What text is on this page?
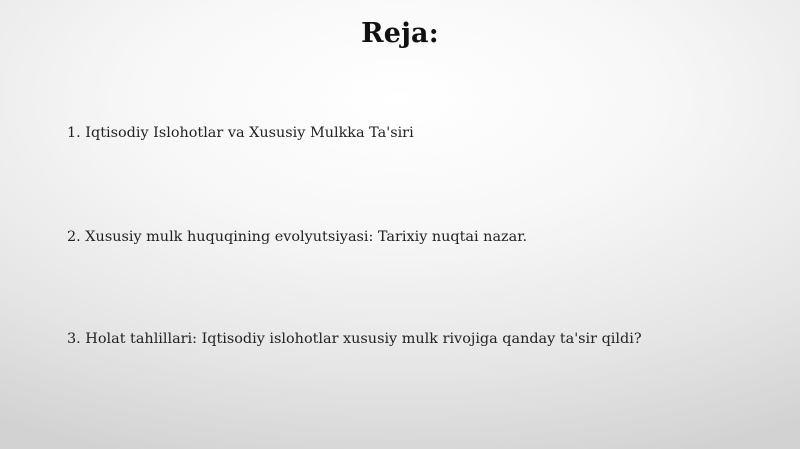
Reja:
1. Iqtisodiy Islohotlar va Xususiy Mulkka Ta'siri
2. Xususiy mulk huquqining evolyutsiyasi: Tarixiy nuqtai nazar.
3. Holat tahlillari: Iqtisodiy islohotlar xususiy mulk rivojiga qanday ta'sir qildi?
